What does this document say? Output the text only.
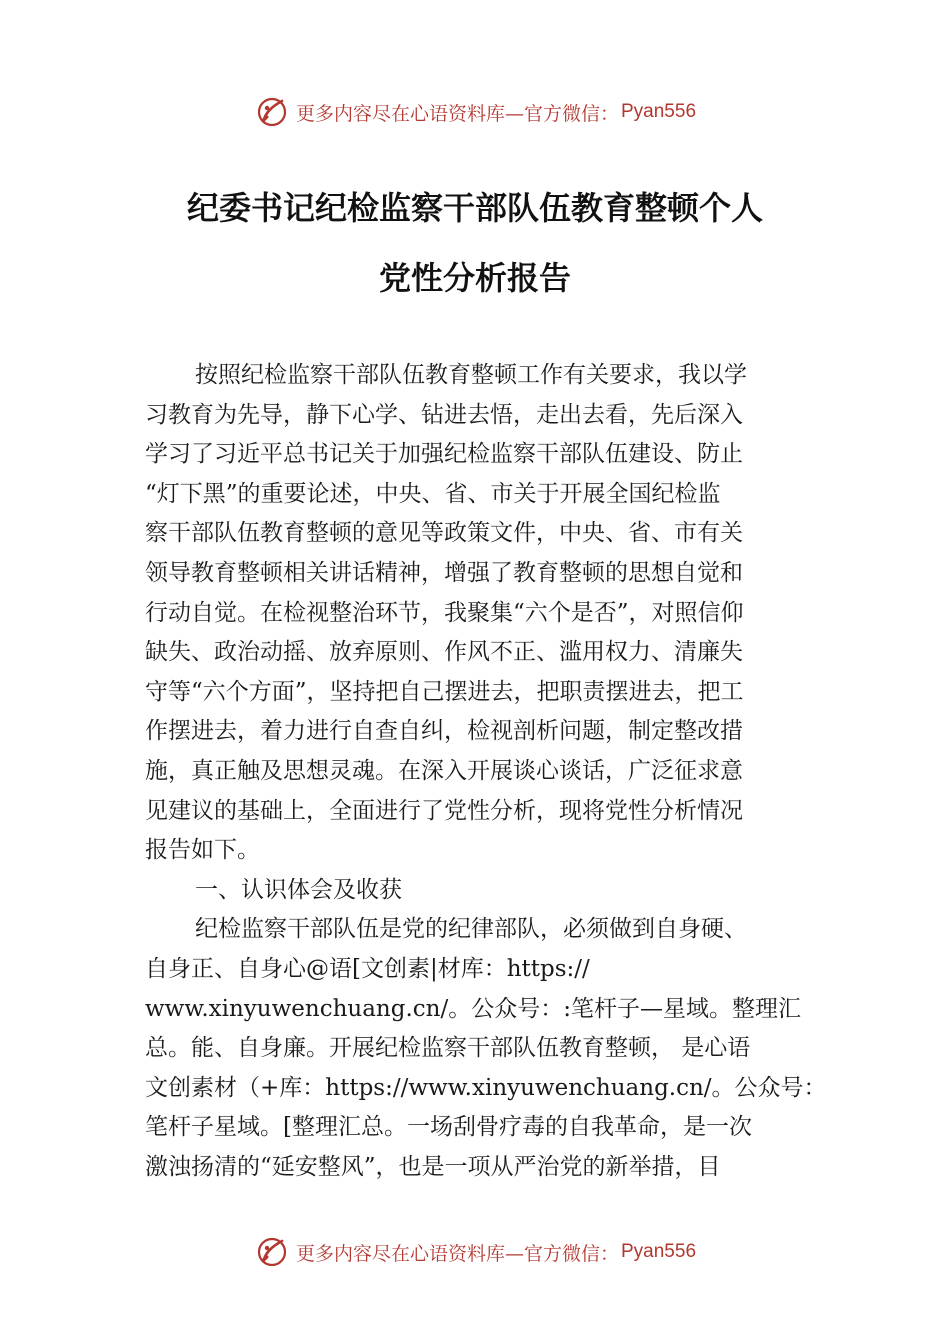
更多内容尽在心语资料库—官方微信： Pyan556
纪委书记纪检监察干部队伍教育整顿个人
党性分析报告
按照纪检监察干部队伍教育整顿工作有关要求，我以学
习教育为先导，静下心学、钻进去悟，走出去看，先后深入
学习了习近平总书记关于加强纪检监察干部队伍建设、防止
“灯下黑”的重要论述，中央、省、市关于开展全国纪检监
察干部队伍教育整顿的意见等政策文件，中央、省、市有关
领导教育整顿相关讲话精神，增强了教育整顿的思想自觉和
行动自觉。在检视整治环节，我聚集“六个是否”，对照信仰
缺失、政治动摇、放弃原则、作风不正、滥用权力、清廉失
守等“六个方面”，坚持把自己摆进去，把职责摆进去，把工
作摆进去，着力进行自查自纠，检视剖析问题，制定整改措
施，真正触及思想灵魂。在深入开展谈心谈话，广泛征求意
见建议的基础上，全面进行了党性分析，现将党性分析情况
报告如下。
一、认识体会及收获
纪检监察干部队伍是党的纪律部队，必须做到自身硬、
自身正、自身心@语[文创素|材库：https://
www.xinyuwenchuang.cn/。公众号：:笔杆子—星域。整理汇
总。能、自身廉。开展纪检监察干部队伍教育整顿， 是心语
文创素材（+库：https://www.xinyuwenchuang.cn/。公众号：
笔杆子星域。[整理汇总。一场刮骨疗毒的自我革命，是一次
激浊扬清的“延安整风”，也是一项从严治党的新举措，目
更多内容尽在心语资料库—官方微信： Pyan556
